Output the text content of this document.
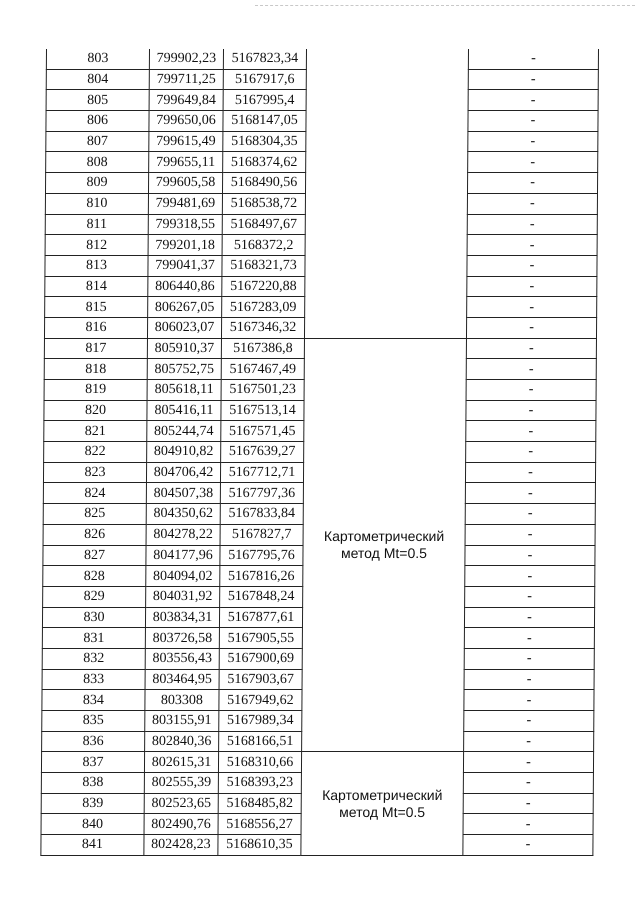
803	799902,23	5167823,34		-
804	799711,25	5167917,6		-
805	799649,84	5167995,4		-
806	799650,06	5168147,05		-
807	799615,49	5168304,35		-
808	799655,11	5168374,62		-
809	799605,58	5168490,56		-
810	799481,69	5168538,72		-
811	799318,55	5168497,67		-
812	799201,18	5168372,2		-
813	799041,37	5168321,73		-
814	806440,86	5167220,88		-
815	806267,05	5167283,09		-
816	806023,07	5167346,32		-
817	805910,37	5167386,8	Картометрический
метод Mt=0.5	-
818	805752,75	5167467,49		-
819	805618,11	5167501,23		-
820	805416,11	5167513,14		-
821	805244,74	5167571,45		-
822	804910,82	5167639,27		-
823	804706,42	5167712,71		-
824	804507,38	5167797,36		-
825	804350,62	5167833,84		-
826	804278,22	5167827,7		-
827	804177,96	5167795,76		-
828	804094,02	5167816,26		-
829	804031,92	5167848,24		-
830	803834,31	5167877,61		-
831	803726,58	5167905,55		-
832	803556,43	5167900,69		-
833	803464,95	5167903,67		-
834	803308	5167949,62		-
835	803155,91	5167989,34		-
836	802840,36	5168166,51		-
837	802615,31	5168310,66	Картометрический
метод Mt=0.5	-
838	802555,39	5168393,23		-
839	802523,65	5168485,82		-
840	802490,76	5168556,27		-
841	802428,23	5168610,35		-
